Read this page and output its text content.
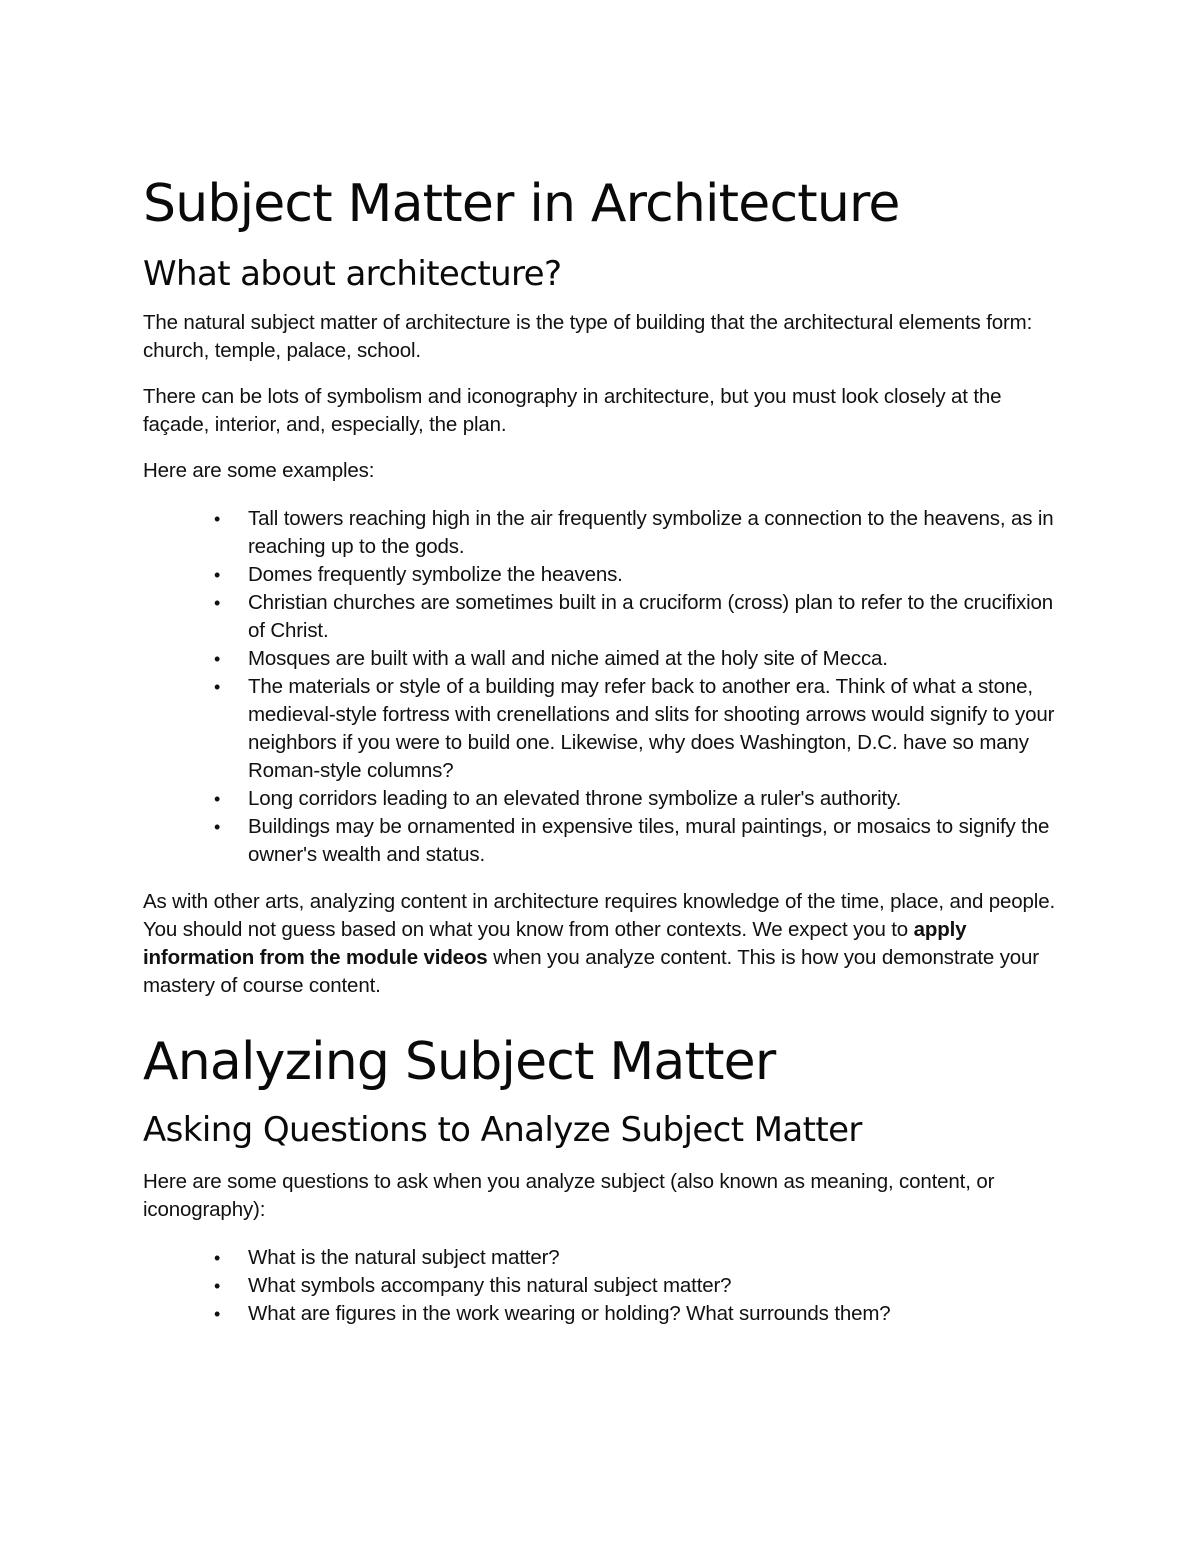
Subject Matter in Architecture
What about architecture?

The natural subject matter of architecture is the type of building that the architectural elements form: church, temple, palace, school.

There can be lots of symbolism and iconography in architecture, but you must look closely at the façade, interior, and, especially, the plan.

Here are some examples:

• Tall towers reaching high in the air frequently symbolize a connection to the heavens, as in reaching up to the gods.
• Domes frequently symbolize the heavens.
• Christian churches are sometimes built in a cruciform (cross) plan to refer to the crucifixion of Christ.
• Mosques are built with a wall and niche aimed at the holy site of Mecca.
• The materials or style of a building may refer back to another era. Think of what a stone, medieval-style fortress with crenellations and slits for shooting arrows would signify to your neighbors if you were to build one. Likewise, why does Washington, D.C. have so many Roman-style columns?
• Long corridors leading to an elevated throne symbolize a ruler's authority.
• Buildings may be ornamented in expensive tiles, mural paintings, or mosaics to signify the owner's wealth and status.

As with other arts, analyzing content in architecture requires knowledge of the time, place, and people. You should not guess based on what you know from other contexts. We expect you to apply information from the module videos when you analyze content. This is how you demonstrate your mastery of course content.

Analyzing Subject Matter
Asking Questions to Analyze Subject Matter

Here are some questions to ask when you analyze subject (also known as meaning, content, or iconography):

• What is the natural subject matter?
• What symbols accompany this natural subject matter?
• What are figures in the work wearing or holding? What surrounds them?
